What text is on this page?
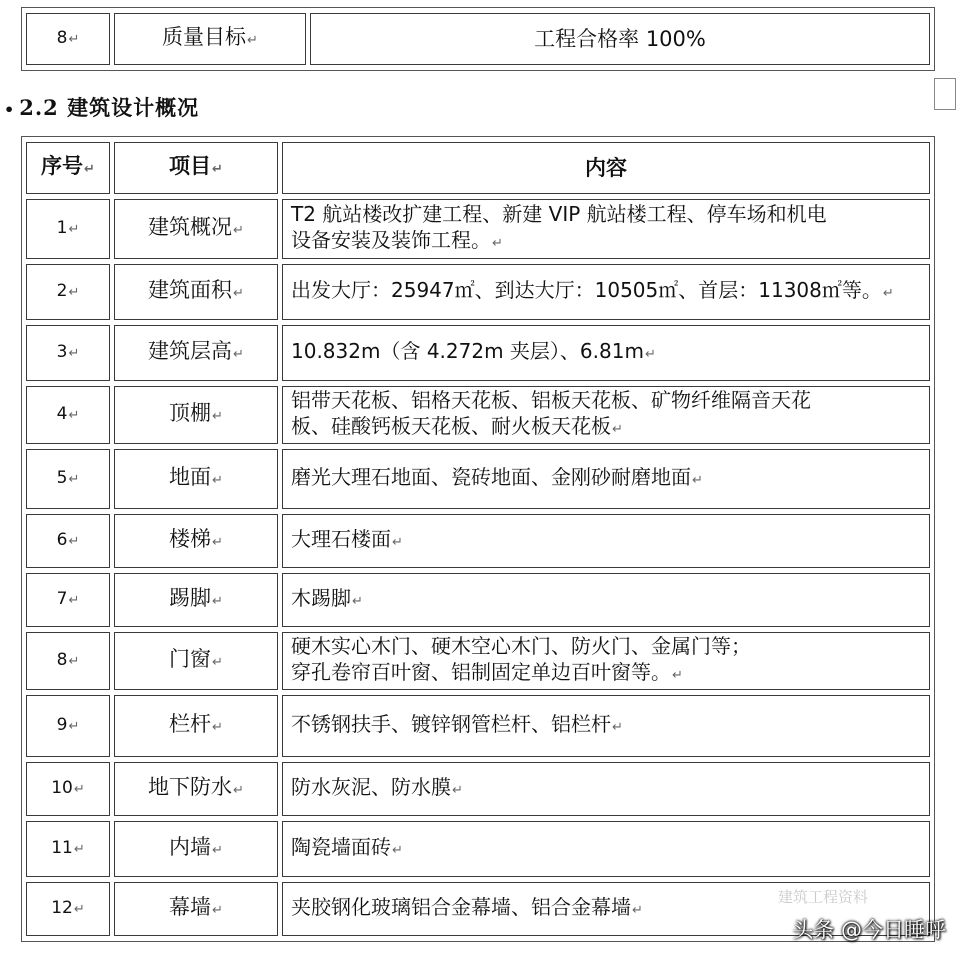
8↵	质量目标↵	工程合格率 100%
• 2.2 建筑设计概况
序号↵	项目↵	内容
1↵	建筑概况↵	T2 航站楼改扩建工程、新建 VIP 航站楼工程、停车场和机电
设备安装及装饰工程。↵
2↵	建筑面积↵	出发大厅：25947㎡、到达大厅：10505㎡、首层：11308㎡等。↵
3↵	建筑层高↵	10.832m（含 4.272m 夹层）、6.81m↵
4↵	顶棚↵	铝带天花板、铝格天花板、铝板天花板、矿物纤维隔音天花
板、硅酸钙板天花板、耐火板天花板↵
5↵	地面↵	磨光大理石地面、瓷砖地面、金刚砂耐磨地面↵
6↵	楼梯↵	大理石楼面↵
7↵	踢脚↵	木踢脚↵
8↵	门窗↵	硬木实心木门、硬木空心木门、防火门、金属门等；
穿孔卷帘百叶窗、铝制固定单边百叶窗等。↵
9↵	栏杆↵	不锈钢扶手、镀锌钢管栏杆、铝栏杆↵
10↵	地下防水↵	防水灰泥、防水膜↵
11↵	内墙↵	陶瓷墙面砖↵
12↵	幕墙↵	夹胶钢化玻璃铝合金幕墙、铝合金幕墙↵
建筑工程资料
头条 @今日睡呼
